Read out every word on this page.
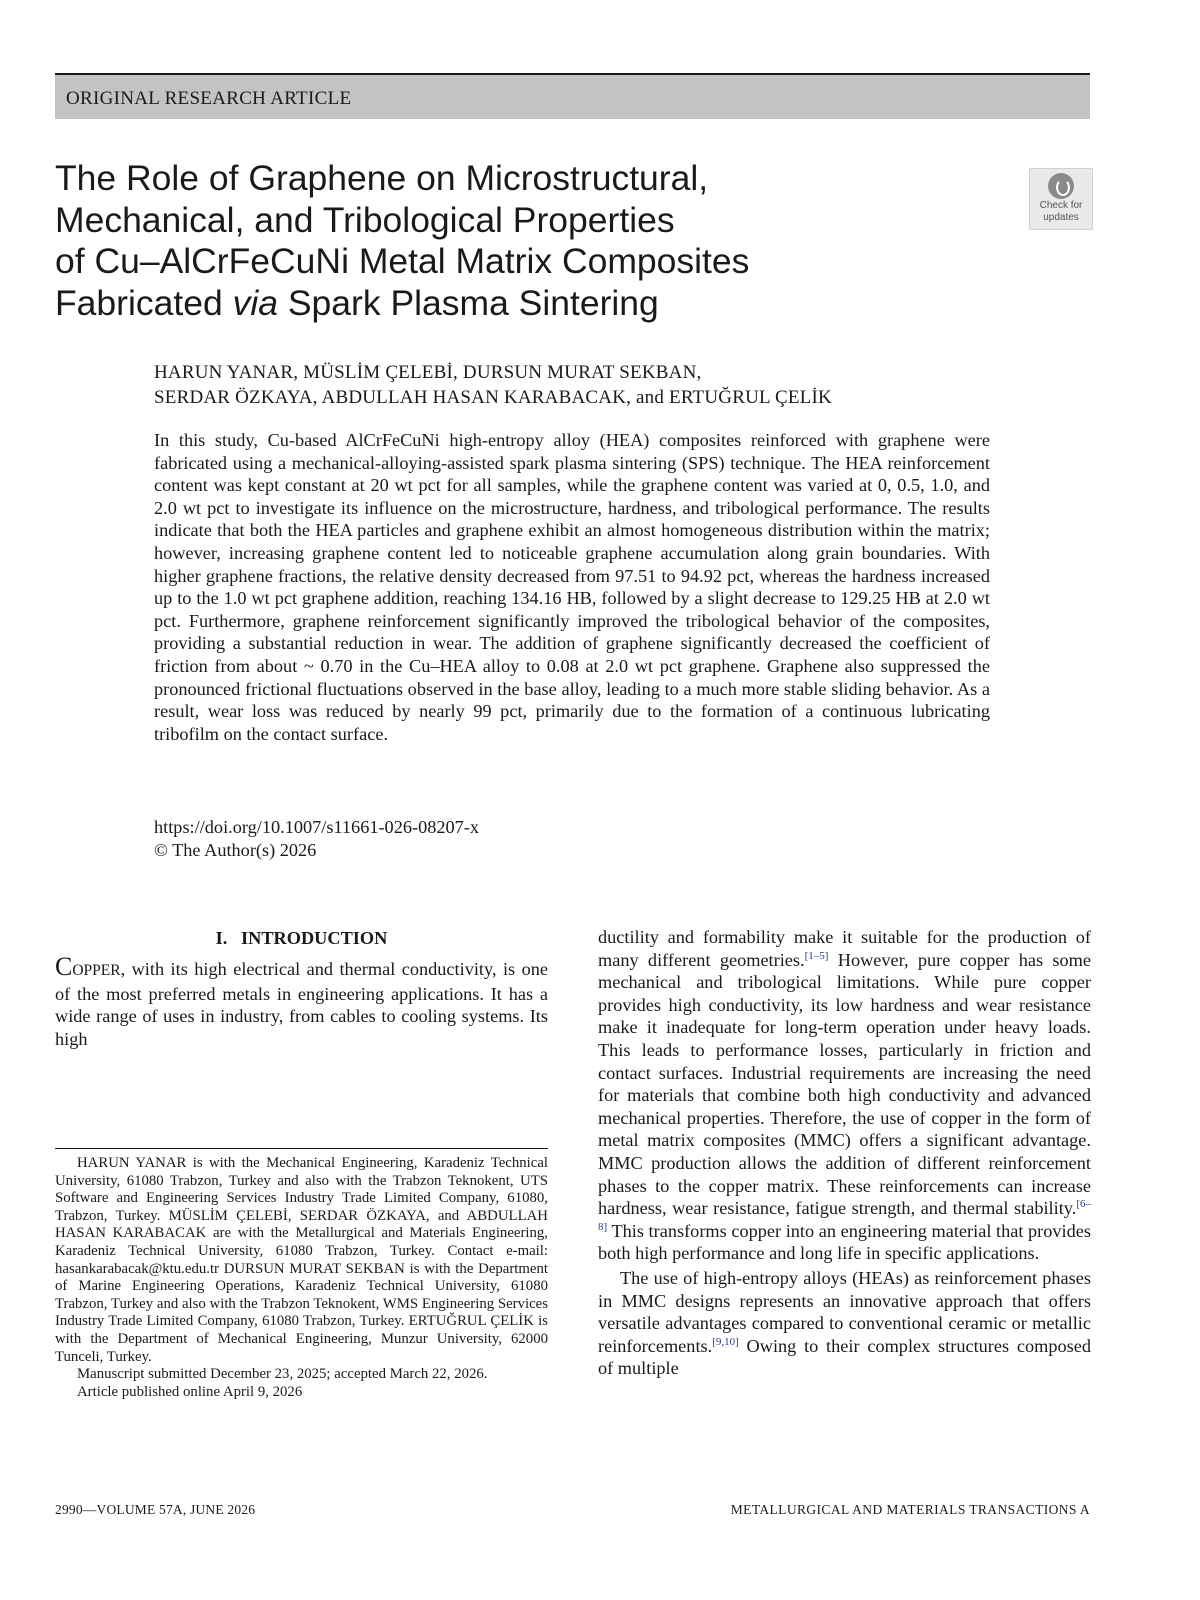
ORIGINAL RESEARCH ARTICLE
The Role of Graphene on Microstructural,
Mechanical, and Tribological Properties
of Cu–AlCrFeCuNi Metal Matrix Composites
Fabricated via Spark Plasma Sintering
Check for
updates
HARUN YANAR, MÜSLİM ÇELEBİ, DURSUN MURAT SEKBAN,
SERDAR ÖZKAYA, ABDULLAH HASAN KARABACAK, and ERTUĞRUL ÇELİK

In this study, Cu-based AlCrFeCuNi high-entropy alloy (HEA) composites reinforced with graphene were fabricated using a mechanical-alloying-assisted spark plasma sintering (SPS) technique. The HEA reinforcement content was kept constant at 20 wt pct for all samples, while the graphene content was varied at 0, 0.5, 1.0, and 2.0 wt pct to investigate its influence on the microstructure, hardness, and tribological performance. The results indicate that both the HEA particles and graphene exhibit an almost homogeneous distribution within the matrix; however, increasing graphene content led to noticeable graphene accumulation along grain boundaries. With higher graphene fractions, the relative density decreased from 97.51 to 94.92 pct, whereas the hardness increased up to the 1.0 wt pct graphene addition, reaching 134.16 HB, followed by a slight decrease to 129.25 HB at 2.0 wt pct. Furthermore, graphene reinforcement significantly improved the tribological behavior of the composites, providing a substantial reduction in wear. The addition of graphene significantly decreased the coefficient of friction from about ~ 0.70 in the Cu–HEA alloy to 0.08 at 2.0 wt pct graphene. Graphene also suppressed the pronounced frictional fluctuations observed in the base alloy, leading to a much more stable sliding behavior. As a result, wear loss was reduced by nearly 99 pct, primarily due to the formation of a continuous lubricating tribofilm on the contact surface.

https://doi.org/10.1007/s11661-026-08207-x
© The Author(s) 2026
I.   INTRODUCTION

COPPER, with its high electrical and thermal conductivity, is one of the most preferred metals in engineering applications. It has a wide range of uses in industry, from cables to cooling systems. Its high

ductility and formability make it suitable for the production of many different geometries.[1–5] However, pure copper has some mechanical and tribological limitations. While pure copper provides high conductivity, its low hardness and wear resistance make it inadequate for long-term operation under heavy loads. This leads to performance losses, particularly in friction and contact surfaces. Industrial requirements are increasing the need for materials that combine both high conductivity and advanced mechanical properties. Therefore, the use of copper in the form of metal matrix composites (MMC) offers a significant advantage. MMC production allows the addition of different reinforcement phases to the copper matrix. These reinforcements can increase hardness, wear resistance, fatigue strength, and thermal stability.[6–8] This transforms copper into an engineering material that provides both high performance and long life in specific applications.

The use of high-entropy alloys (HEAs) as reinforcement phases in MMC designs represents an innovative approach that offers versatile advantages compared to conventional ceramic or metallic reinforcements.[9,10] Owing to their complex structures composed of multiple

HARUN YANAR is with the Mechanical Engineering, Karadeniz Technical University, 61080 Trabzon, Turkey and also with the Trabzon Teknokent, UTS Software and Engineering Services Industry Trade Limited Company, 61080, Trabzon, Turkey. MÜSLİM ÇELEBİ, SERDAR ÖZKAYA, and ABDULLAH HASAN KARABACAK are with the Metallurgical and Materials Engineering, Karadeniz Technical University, 61080 Trabzon, Turkey. Contact e-mail: hasankarabacak@ktu.edu.tr DURSUN MURAT SEKBAN is with the Department of Marine Engineering Operations, Karadeniz Technical University, 61080 Trabzon, Turkey and also with the Trabzon Teknokent, WMS Engineering Services Industry Trade Limited Company, 61080 Trabzon, Turkey. ERTUĞRUL ÇELİK is with the Department of Mechanical Engineering, Munzur University, 62000 Tunceli, Turkey.

Manuscript submitted December 23, 2025; accepted March 22, 2026.

Article published online April 9, 2026

2990—VOLUME 57A, JUNE 2026	METALLURGICAL AND MATERIALS TRANSACTIONS A
